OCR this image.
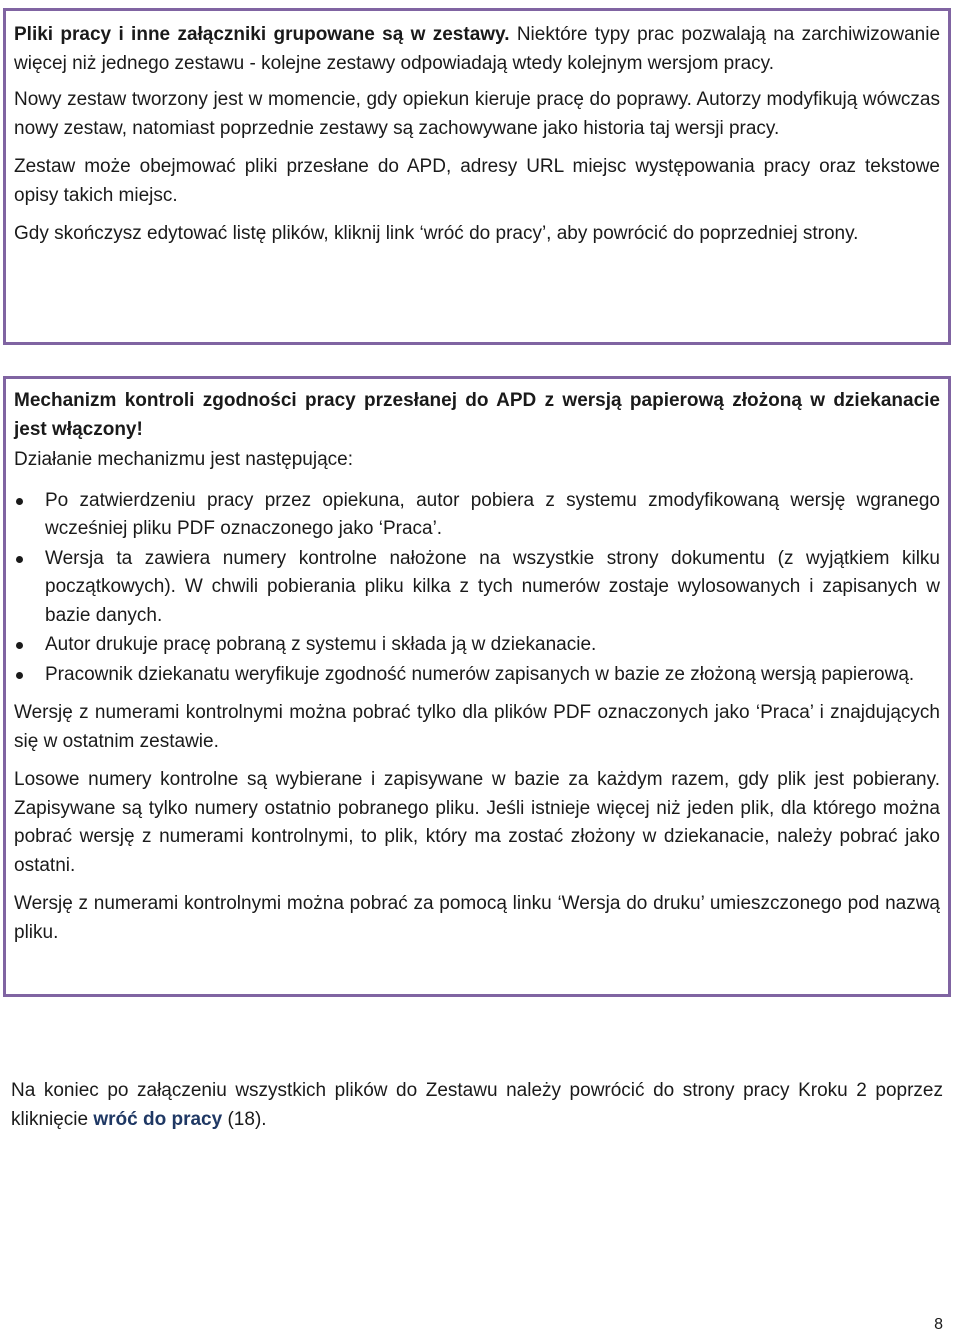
Pliki pracy i inne załączniki grupowane są w zestawy. Niektóre typy prac pozwalają na zarchiwizowanie więcej niż jednego zestawu - kolejne zestawy odpowiadają wtedy kolejnym wersjom pracy.

Nowy zestaw tworzony jest w momencie, gdy opiekun kieruje pracę do poprawy. Autorzy modyfikują wówczas nowy zestaw, natomiast poprzednie zestawy są zachowywane jako historia taj wersji pracy.

Zestaw może obejmować pliki przesłane do APD, adresy URL miejsc występowania pracy oraz tekstowe opisy takich miejsc.

Gdy skończysz edytować listę plików, kliknij link ‘wróć do pracy’, aby powrócić do poprzedniej strony.

Mechanizm kontroli zgodności pracy przesłanej do APD z wersją papierową złożoną w dziekanacie jest włączony!

Działanie mechanizmu jest następujące:

Po zatwierdzeniu pracy przez opiekuna, autor pobiera z systemu zmodyfikowaną wersję wgranego wcześniej pliku PDF oznaczonego jako ‘Praca’.
Wersja ta zawiera numery kontrolne nałożone na wszystkie strony dokumentu (z wyjątkiem kilku początkowych). W chwili pobierania pliku kilka z tych numerów zostaje wylosowanych i zapisanych w bazie danych.
Autor drukuje pracę pobraną z systemu i składa ją w dziekanacie.
Pracownik dziekanatu weryfikuje zgodność numerów zapisanych w bazie ze złożoną wersją papierową.

Wersję z numerami kontrolnymi można pobrać tylko dla plików PDF oznaczonych jako ‘Praca’ i znajdujących się w ostatnim zestawie.

Losowe numery kontrolne są wybierane i zapisywane w bazie za każdym razem, gdy plik jest pobierany. Zapisywane są tylko numery ostatnio pobranego pliku. Jeśli istnieje więcej niż jeden plik, dla którego można pobrać wersję z numerami kontrolnymi, to plik, który ma zostać złożony w dziekanacie, należy pobrać jako ostatni.

Wersję z numerami kontrolnymi można pobrać za pomocą linku ‘Wersja do druku’ umieszczonego pod nazwą pliku.

Na koniec po załączeniu wszystkich plików do Zestawu należy powrócić do strony pracy Kroku 2 poprzez kliknięcie wróć do pracy (18).
8
